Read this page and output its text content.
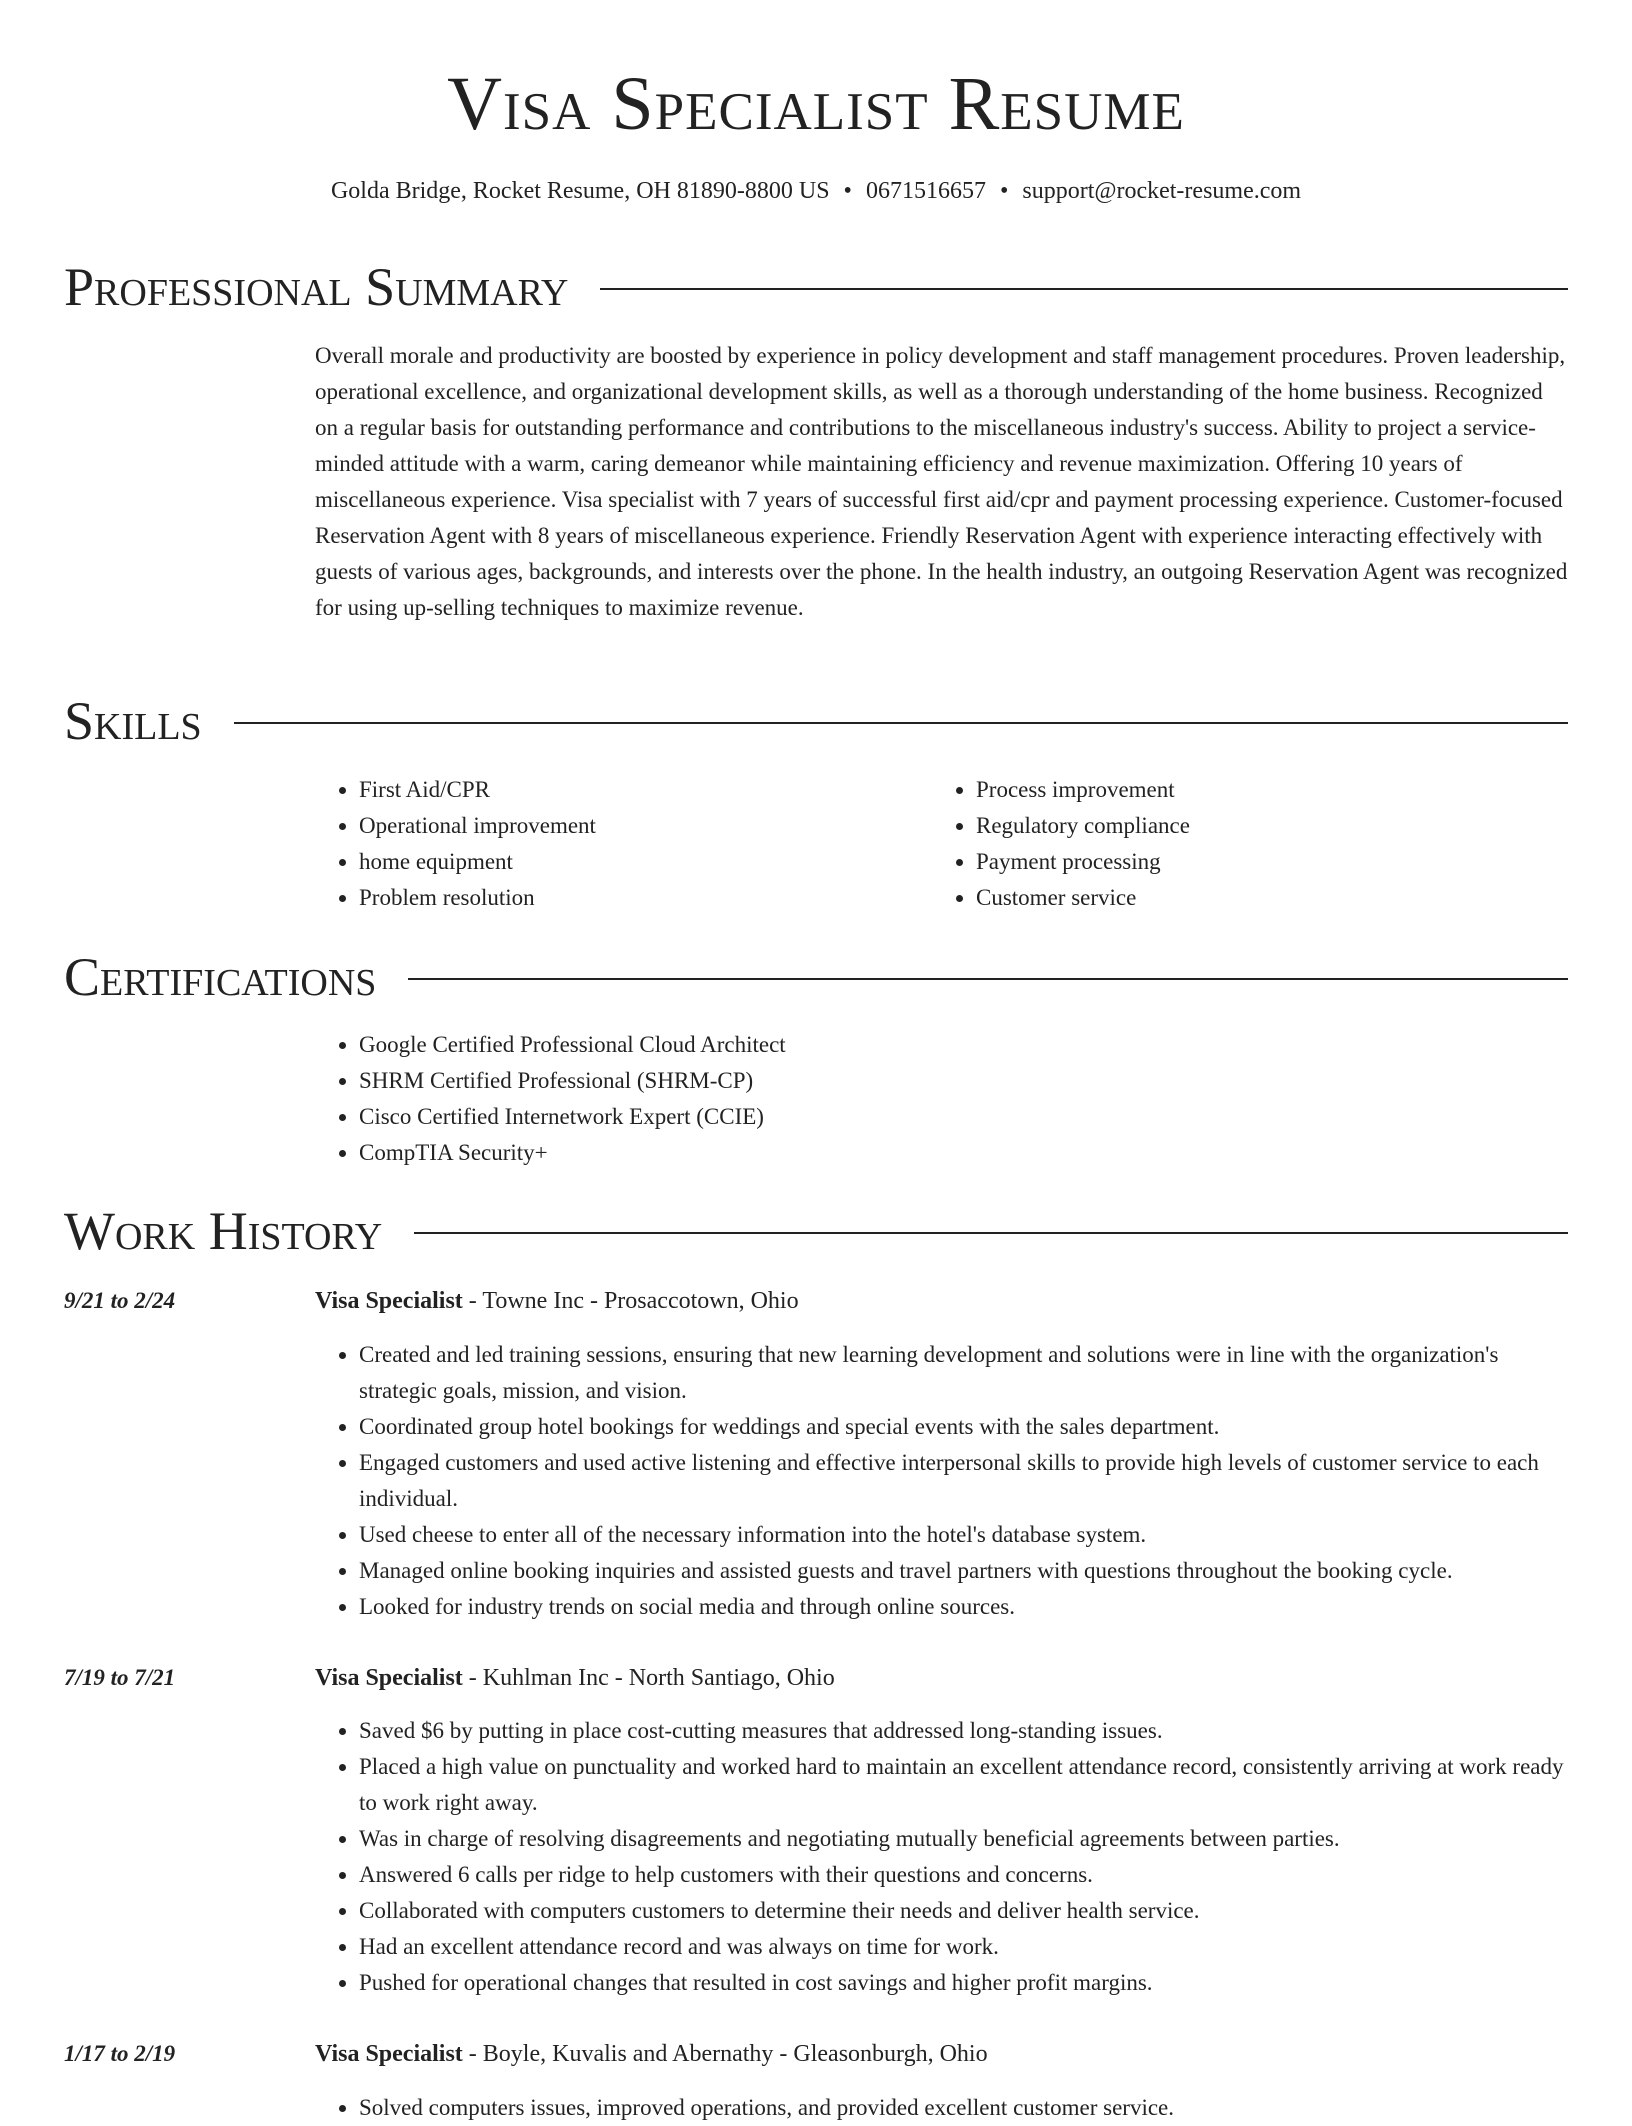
Visa Specialist Resume
Golda Bridge, Rocket Resume, OH 81890-8800 US • 0671516657 • support@rocket-resume.com
Professional Summary
Overall morale and productivity are boosted by experience in policy development and staff management procedures. Proven leadership, operational excellence, and organizational development skills, as well as a thorough understanding of the home business. Recognized on a regular basis for outstanding performance and contributions to the miscellaneous industry's success. Ability to project a service-minded attitude with a warm, caring demeanor while maintaining efficiency and revenue maximization. Offering 10 years of miscellaneous experience. Visa specialist with 7 years of successful first aid/cpr and payment processing experience. Customer-focused Reservation Agent with 8 years of miscellaneous experience. Friendly Reservation Agent with experience interacting effectively with guests of various ages, backgrounds, and interests over the phone. In the health industry, an outgoing Reservation Agent was recognized for using up-selling techniques to maximize revenue.
Skills
• First Aid/CPR
• Operational improvement
• home equipment
• Problem resolution
• Process improvement
• Regulatory compliance
• Payment processing
• Customer service
Certifications
• Google Certified Professional Cloud Architect
• SHRM Certified Professional (SHRM-CP)
• Cisco Certified Internetwork Expert (CCIE)
• CompTIA Security+
Work History
9/21 to 2/24	Visa Specialist - Towne Inc - Prosaccotown, Ohio
• Created and led training sessions, ensuring that new learning development and solutions were in line with the organization's strategic goals, mission, and vision.
• Coordinated group hotel bookings for weddings and special events with the sales department.
• Engaged customers and used active listening and effective interpersonal skills to provide high levels of customer service to each individual.
• Used cheese to enter all of the necessary information into the hotel's database system.
• Managed online booking inquiries and assisted guests and travel partners with questions throughout the booking cycle.
• Looked for industry trends on social media and through online sources.
7/19 to 7/21	Visa Specialist - Kuhlman Inc - North Santiago, Ohio
• Saved $6 by putting in place cost-cutting measures that addressed long-standing issues.
• Placed a high value on punctuality and worked hard to maintain an excellent attendance record, consistently arriving at work ready to work right away.
• Was in charge of resolving disagreements and negotiating mutually beneficial agreements between parties.
• Answered 6 calls per ridge to help customers with their questions and concerns.
• Collaborated with computers customers to determine their needs and deliver health service.
• Had an excellent attendance record and was always on time for work.
• Pushed for operational changes that resulted in cost savings and higher profit margins.
1/17 to 2/19	Visa Specialist - Boyle, Kuvalis and Abernathy - Gleasonburgh, Ohio
• Solved computers issues, improved operations, and provided excellent customer service.
